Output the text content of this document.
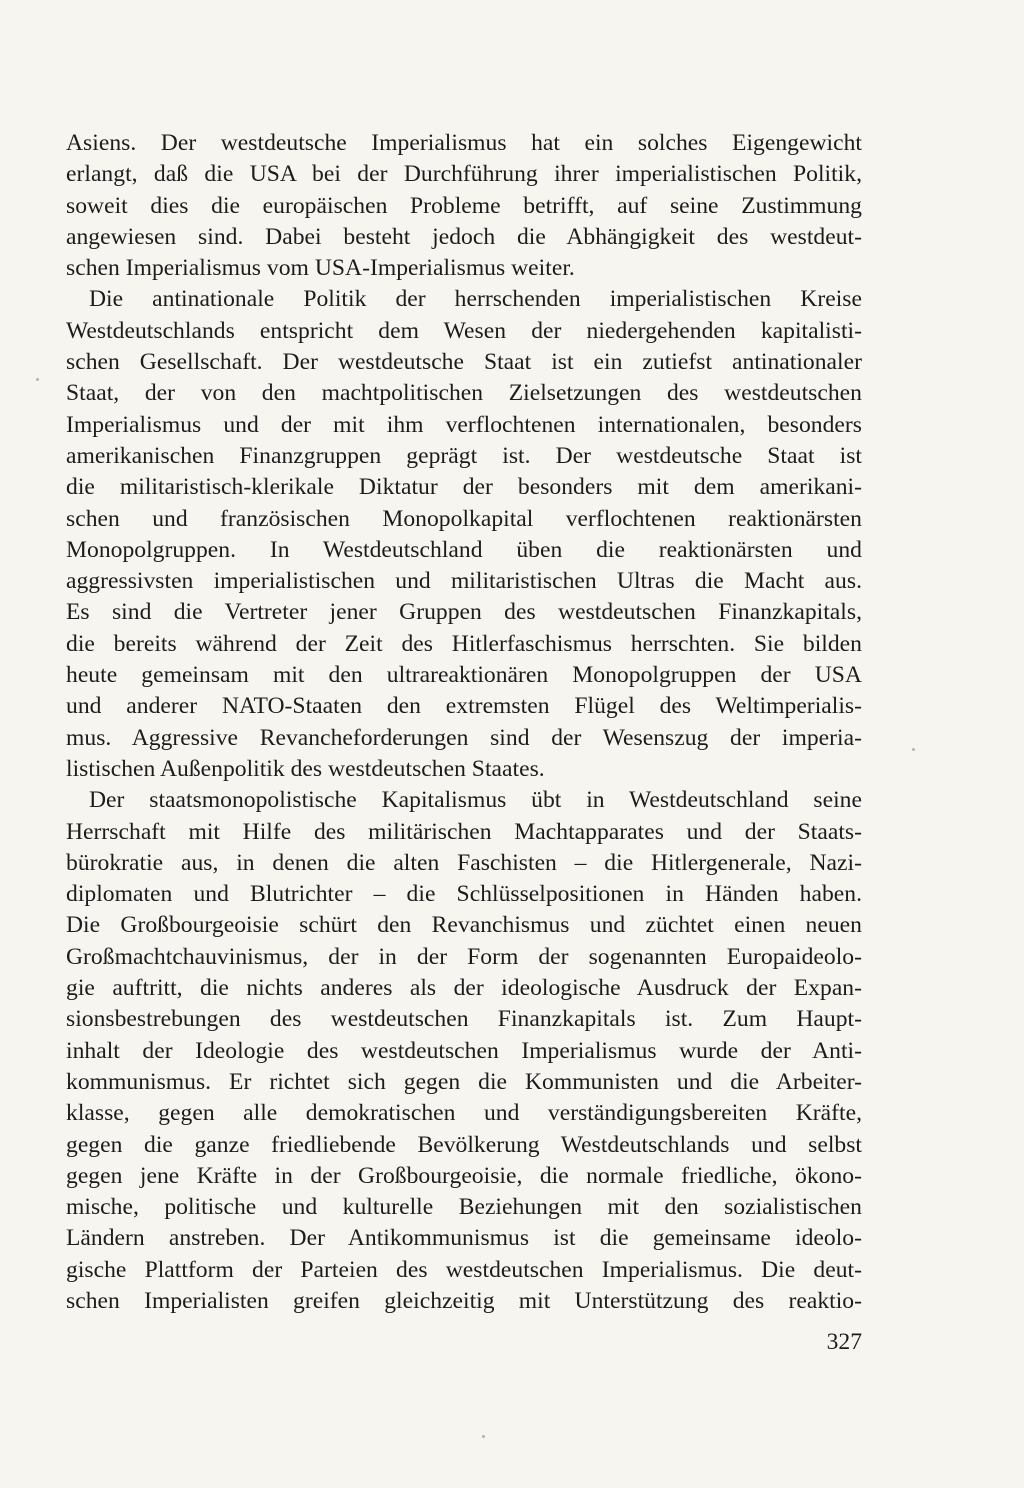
Asiens. Der westdeutsche Imperialismus hat ein solches Eigengewicht
erlangt, daß die USA bei der Durchführung ihrer imperialistischen Politik,
soweit dies die europäischen Probleme betrifft, auf seine Zustimmung
angewiesen sind. Dabei besteht jedoch die Abhängigkeit des westdeut-
schen Imperialismus vom USA-Imperialismus weiter.
Die antinationale Politik der herrschenden imperialistischen Kreise
Westdeutschlands entspricht dem Wesen der niedergehenden kapitalisti-
schen Gesellschaft. Der westdeutsche Staat ist ein zutiefst antinationaler
Staat, der von den machtpolitischen Zielsetzungen des westdeutschen
Imperialismus und der mit ihm verflochtenen internationalen, besonders
amerikanischen Finanzgruppen geprägt ist. Der westdeutsche Staat ist
die militaristisch-klerikale Diktatur der besonders mit dem amerikani-
schen und französischen Monopolkapital verflochtenen reaktionärsten
Monopolgruppen. In Westdeutschland üben die reaktionärsten und
aggressivsten imperialistischen und militaristischen Ultras die Macht aus.
Es sind die Vertreter jener Gruppen des westdeutschen Finanzkapitals,
die bereits während der Zeit des Hitlerfaschismus herrschten. Sie bilden
heute gemeinsam mit den ultrareaktionären Monopolgruppen der USA
und anderer NATO-Staaten den extremsten Flügel des Weltimperialis-
mus. Aggressive Revancheforderungen sind der Wesenszug der imperia-
listischen Außenpolitik des westdeutschen Staates.
Der staatsmonopolistische Kapitalismus übt in Westdeutschland seine
Herrschaft mit Hilfe des militärischen Machtapparates und der Staats-
bürokratie aus, in denen die alten Faschisten – die Hitlergenerale, Nazi-
diplomaten und Blutrichter – die Schlüsselpositionen in Händen haben.
Die Großbourgeoisie schürt den Revanchismus und züchtet einen neuen
Großmachtchauvinismus, der in der Form der sogenannten Europaideolo-
gie auftritt, die nichts anderes als der ideologische Ausdruck der Expan-
sionsbestrebungen des westdeutschen Finanzkapitals ist. Zum Haupt-
inhalt der Ideologie des westdeutschen Imperialismus wurde der Anti-
kommunismus. Er richtet sich gegen die Kommunisten und die Arbeiter-
klasse, gegen alle demokratischen und verständigungsbereiten Kräfte,
gegen die ganze friedliebende Bevölkerung Westdeutschlands und selbst
gegen jene Kräfte in der Großbourgeoisie, die normale friedliche, ökono-
mische, politische und kulturelle Beziehungen mit den sozialistischen
Ländern anstreben. Der Antikommunismus ist die gemeinsame ideolo-
gische Plattform der Parteien des westdeutschen Imperialismus. Die deut-
schen Imperialisten greifen gleichzeitig mit Unterstützung des reaktio-
327
